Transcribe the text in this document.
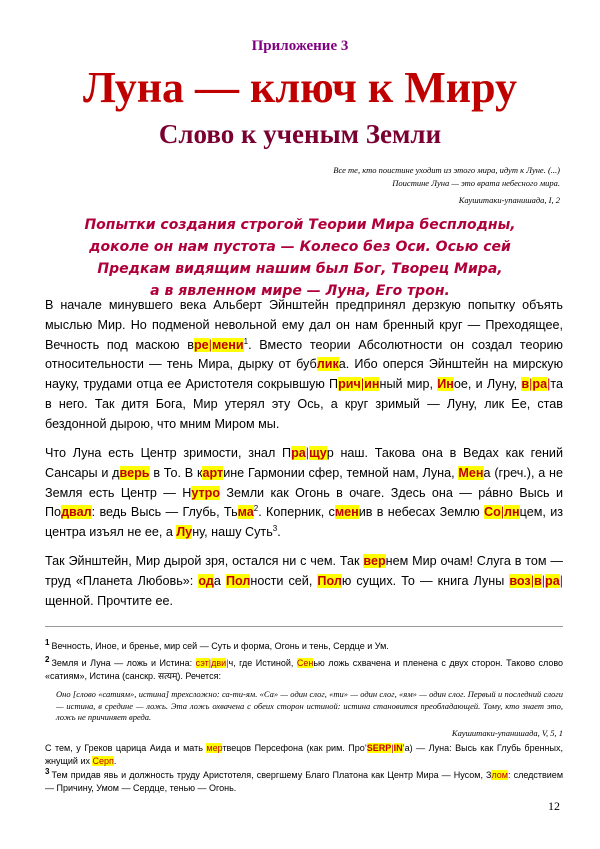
Приложение 3
Луна — ключ к Миру
Слово к ученым Земли
Все те, кто поистине уходит из этого мира, идут к Луне. (...)
Поистине Луна — это врата небесного мира.
Каушитаки-упанишада, I, 2
Попытки создания строгой Теории Мира бесплодны,
доколе он нам пустота — Колесо без Оси. Осью сей
Предкам видящим нашим был Бог, Творец Мира,
а в явленном мире — Луна, Его трон.
В начале минувшего века Альберт Эйнштейн предпринял дерзкую попытку объять мыслью Мир. Но подменой невольной ему дал он нам бренный круг — Преходящее, Вечность под маскою вре|мени$^1$. Вместо теории Абсолютности он создал теорию относительности — тень Мира, дырку от бублика. Ибо оперся Эйнштейн на мирскую науку, трудами отца ее Аристотеля сокрывшую Прич|инный мир, Иное, и Луну, в|ра|та в него. Так дитя Бога, Мир утерял эту Ось, а круг зримый — Луну, лик Ее, став бездонной дырою, что мним Миром мы.
Что Луна есть Центр зримости, знал Пра|щур наш. Такова она в Ведах как гений Сансары и дверь в То. В картине Гармонии сфер, темной нам, Луна, Мена (греч.), а не Земля есть Центр — Нутро Земли как Огонь в очаге. Здесь она — рáвно Высь и Подвал: ведь Высь — Глубь, Тьма$^2$. Коперник, сменив в небесах Землю Со|лнцем, из центра изъял не ее, а Луну, нашу Суть$^3$.
Так Эйнштейн, Мир дырой зря, остался ни с чем. Так вернем Мир очам! Слуга в том — труд «Планета Любовь»: ода Полности сей, Полю сущих. То — книга Луны воз|в|ра|щенной. Прочтите ее.
1 Вечность, Иное, и бренье, мир сей — Суть и форма, Огонь и тень, Сердце и Ум.
2 Земля и Луна — ложь и Истина: сэт|дви|ч, где Истиной, Сенью ложь схвачена и пленена с двух сторон. Таково слово «сатиям», Истина (санскр. सत्यम्). Речется:
Оно [слово «сатиям», истина] трехсложно: са-ти-ям. «Са» — один слог, «ти» — один слог, «ям» — один слог. Первый и последний слоги — истина, в средине — ложь. Эта ложь охвачена с обеих сторон истиной: истина становится преобладающей. Тому, кто знает это, ложь не причиняет вреда.
Каушитаки-упанишада, V, 5, 1
С тем, у Греков царица Аида и мать мертвецов Персефона (как рим. Про’SERP|IN’а) — Луна: Высь как Глубь бренных, жнущий их Серп.
3 Тем придав явь и должность труду Аристотеля, свергшему Благо Платона как Центр Мира — Нусом, Злом: следствием — Причину, Умом — Сердце, тенью — Огонь.
12
